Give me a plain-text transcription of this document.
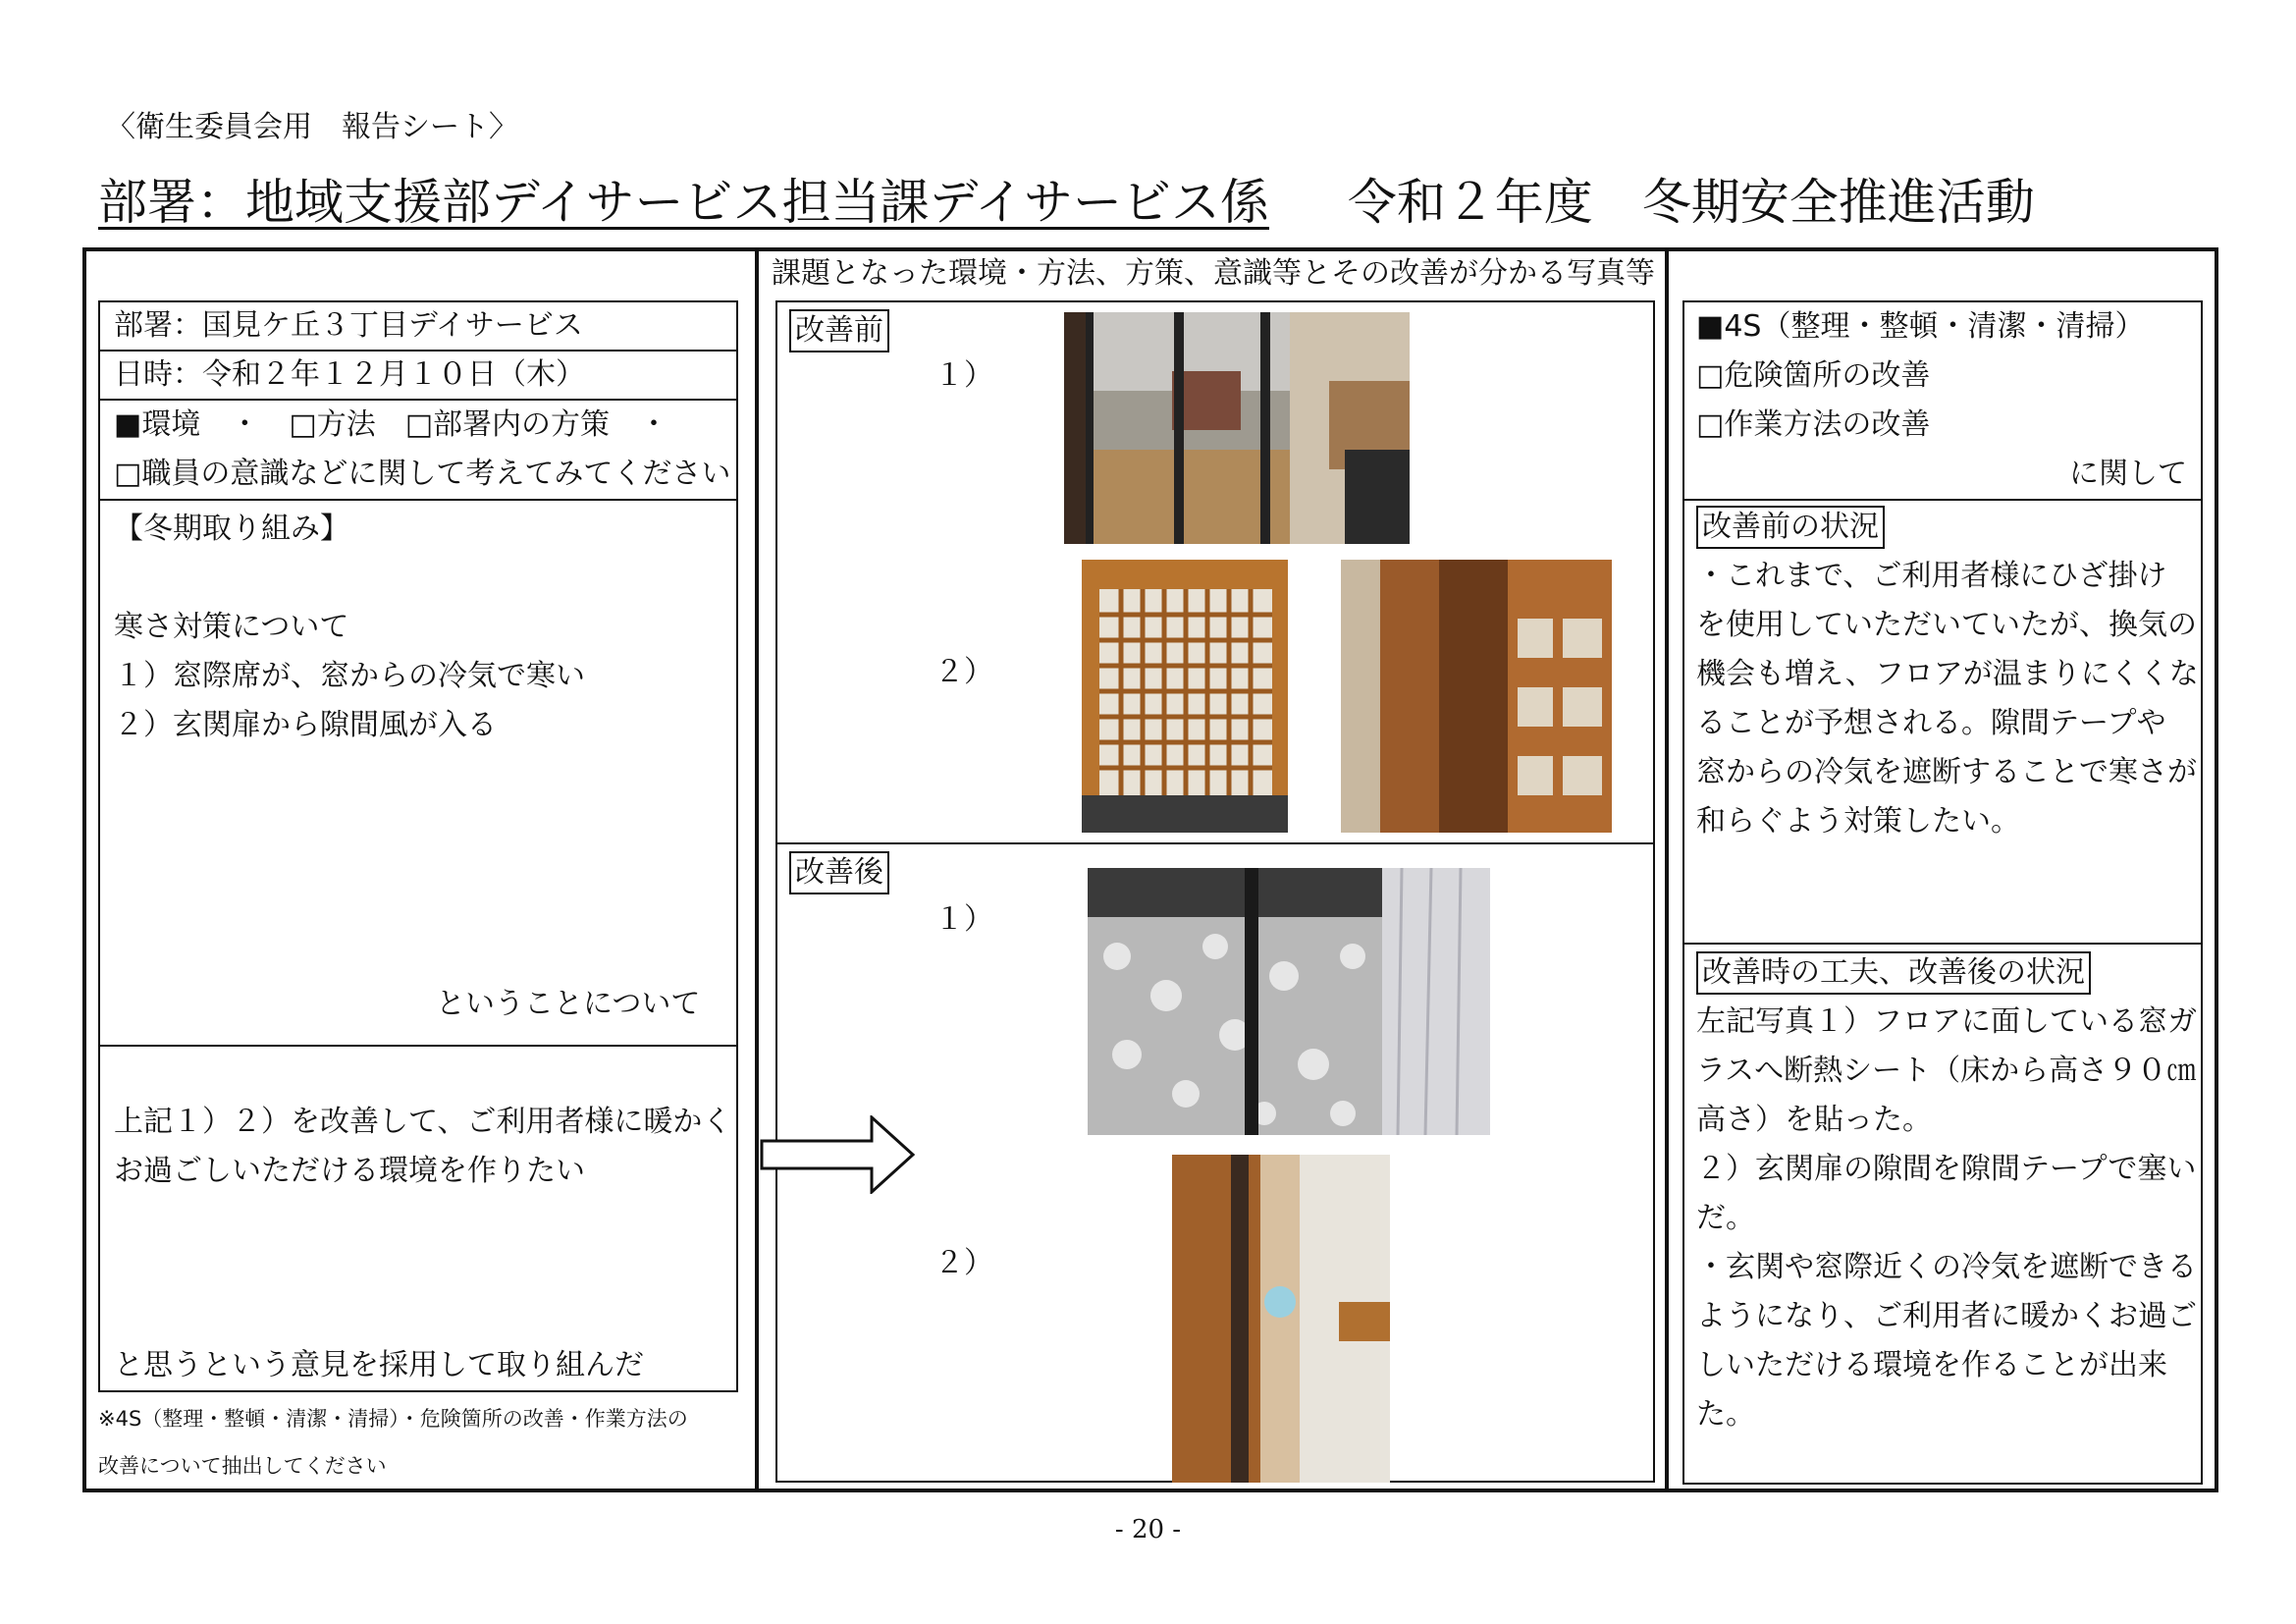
〈衛生委員会用　報告シート〉
部署：地域支援部デイサービス担当課デイサービス係 令和２年度　冬期安全推進活動
部署：国見ケ丘３丁目デイサービス
日時：令和２年１２月１０日（木）
■環境　・　□方法　□部署内の方策　・
□職員の意識などに関して考えてみてください
【冬期取り組み】
寒さ対策について
１）窓際席が、窓からの冷気で寒い
２）玄関扉から隙間風が入る
ということについて
上記１）２）を改善して、ご利用者様に暖かく
お過ごしいただける環境を作りたい
と思うという意見を採用して取り組んだ
※4S（整理・整頓・清潔・清掃）・危険箇所の改善・作業方法の
改善について抽出してください
課題となった環境・方法、方策、意識等とその改善が分かる写真等
改善前
１）
２）
改善後
１）
２）
■4S（整理・整頓・清潔・清掃）
□危険箇所の改善
□作業方法の改善
に関して
改善前の状況
・これまで、ご利用者様にひざ掛け
を使用していただいていたが、換気の
機会も増え、フロアが温まりにくくな
ることが予想される。隙間テープや
窓からの冷気を遮断することで寒さが
和らぐよう対策したい。
改善時の工夫、改善後の状況
左記写真１）フロアに面している窓ガ
ラスへ断熱シート（床から高さ９０㎝
高さ）を貼った。
２）玄関扉の隙間を隙間テープで塞い
だ。
・玄関や窓際近くの冷気を遮断できる
ようになり、ご利用者に暖かくお過ご
しいただける環境を作ることが出来
た。
- 20 -
